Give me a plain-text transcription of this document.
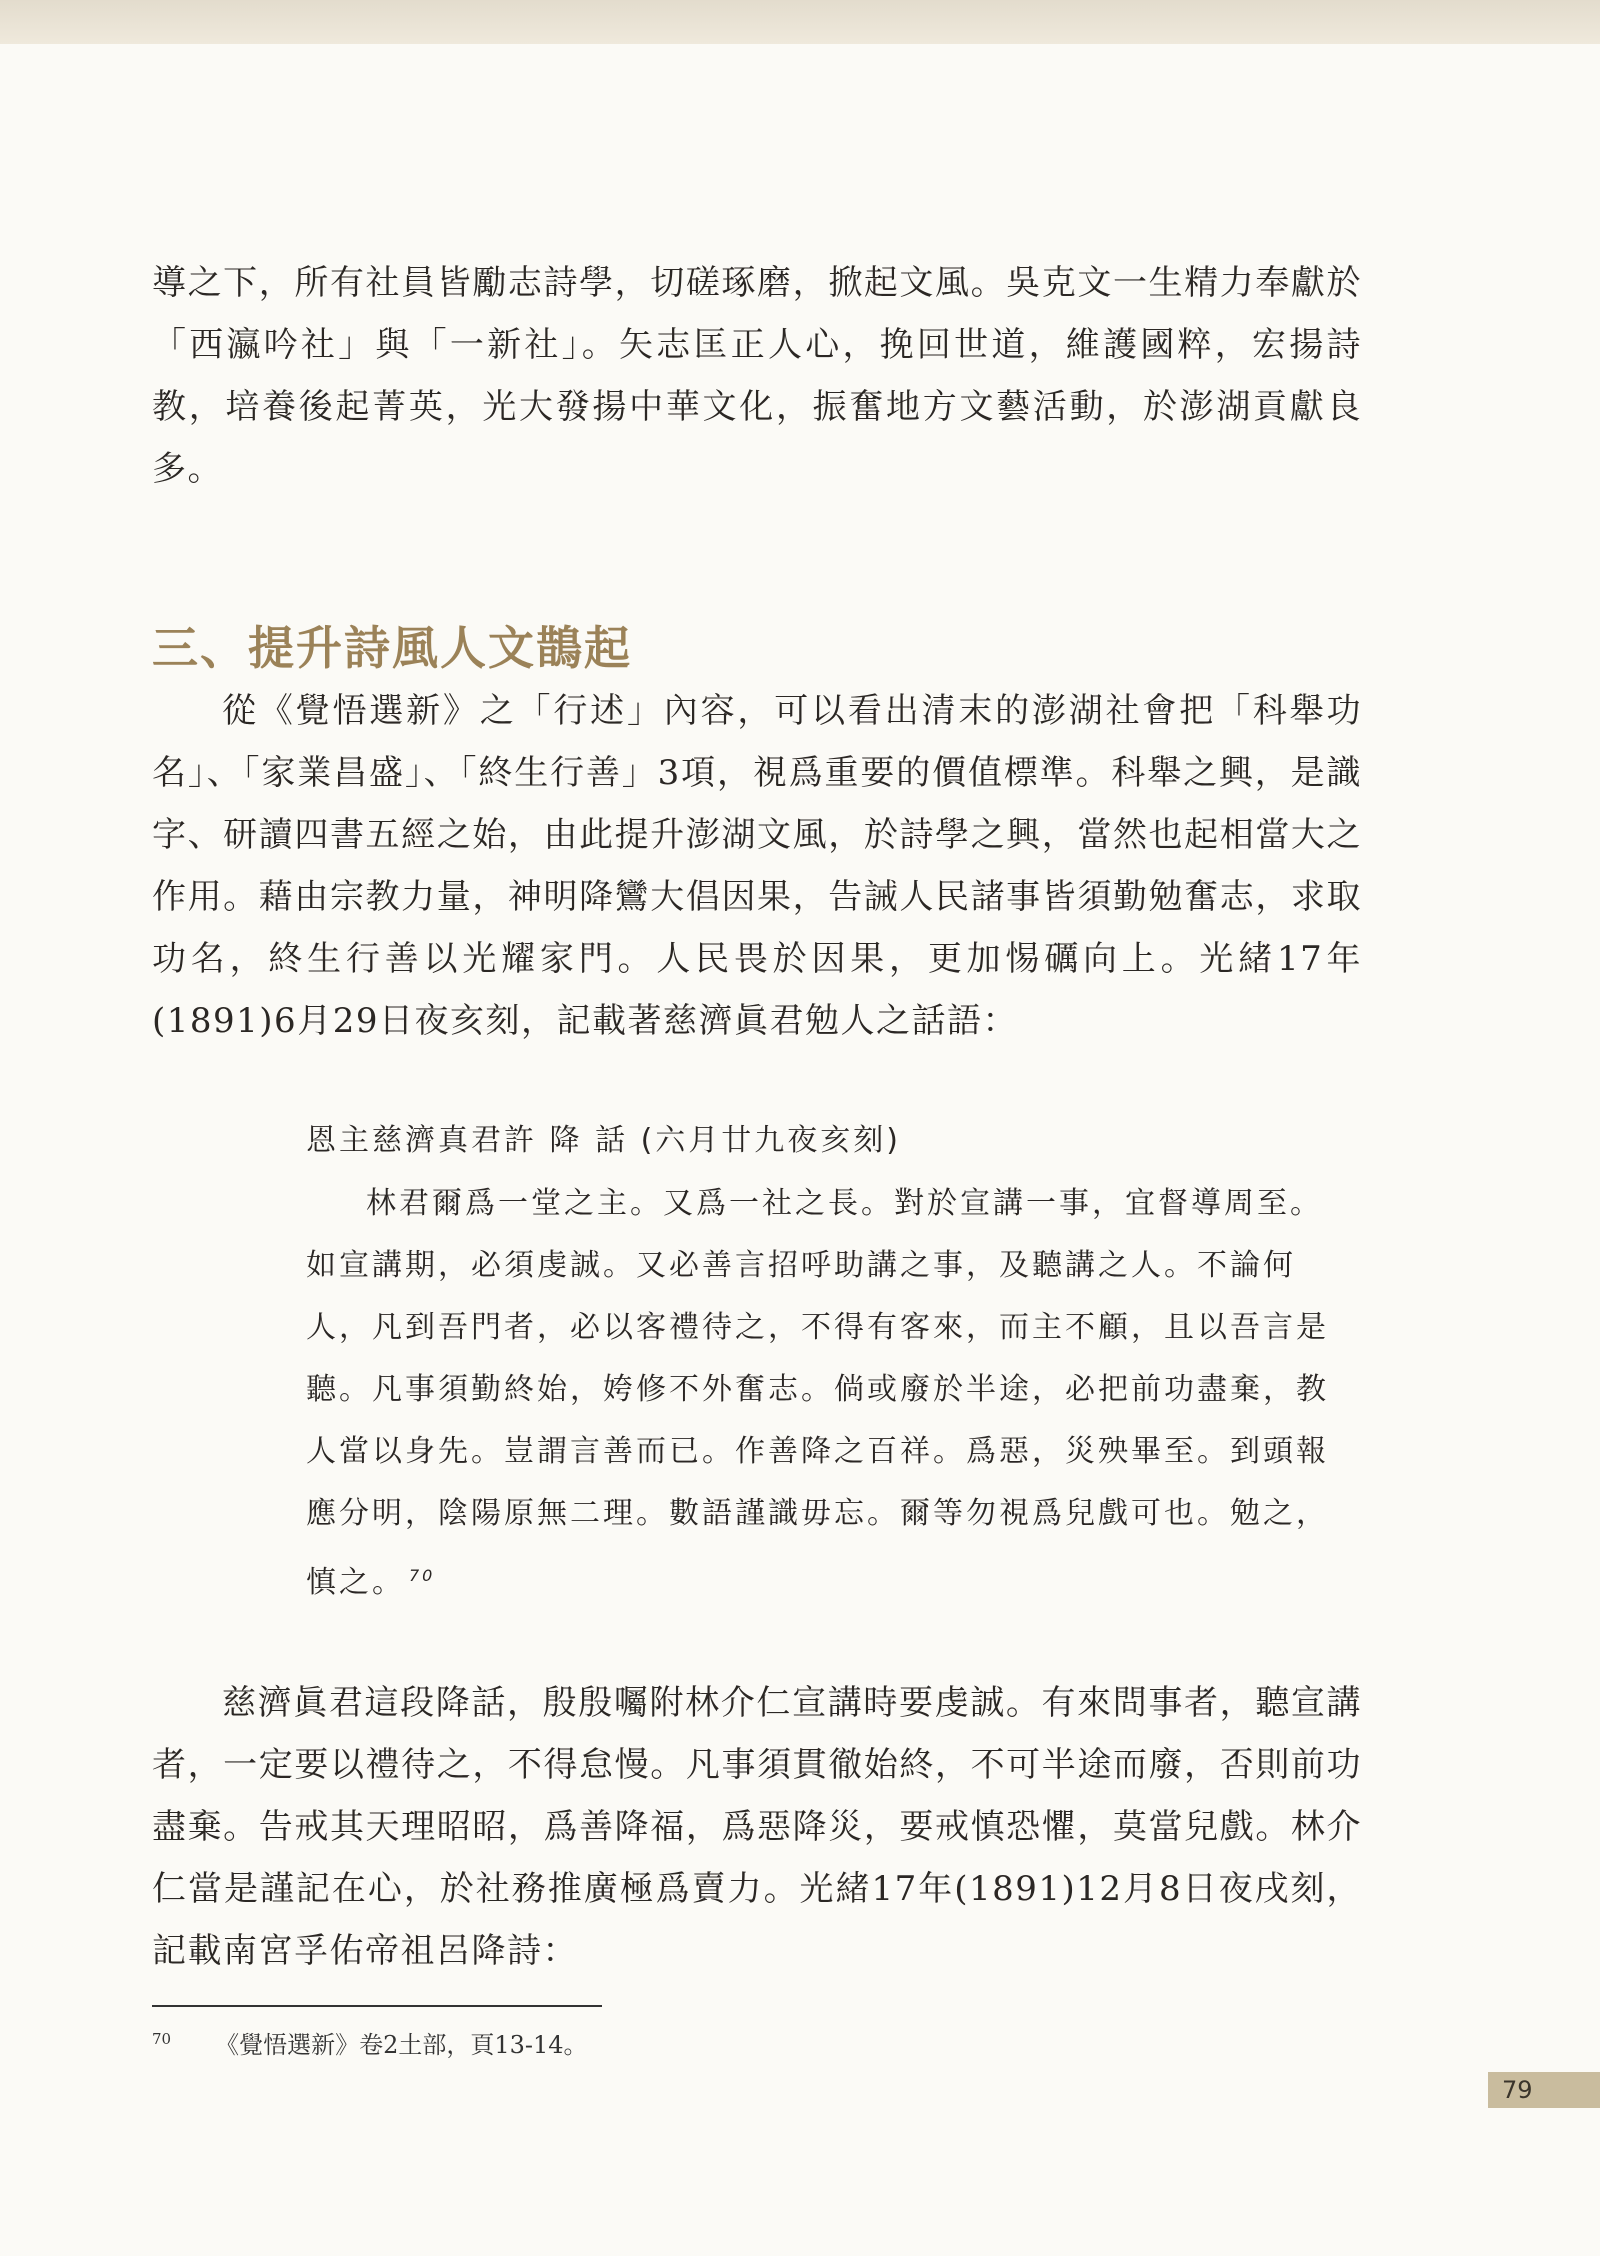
導之下，所有社員皆勵志詩學，切磋琢磨，掀起文風。吳克文一生精力奉獻於「西瀛吟社」與「一新社」。矢志匡正人心，挽回世道，維護國粹，宏揚詩教，培養後起菁英，光大發揚中華文化，振奮地方文藝活動，於澎湖貢獻良多。

三、提升詩風人文鵲起

從《覺悟選新》之「行述」內容，可以看出清末的澎湖社會把「科舉功名」、「家業昌盛」、「終生行善」3項，視爲重要的價值標準。科舉之興，是識字、研讀四書五經之始，由此提升澎湖文風，於詩學之興，當然也起相當大之作用。藉由宗教力量，神明降鸞大倡因果，告誡人民諸事皆須勤勉奮志，求取功名，終生行善以光耀家門。人民畏於因果，更加惕礪向上。光緒17年(1891)6月29日夜亥刻，記載著慈濟眞君勉人之話語：

恩主慈濟真君許 降 話 (六月廿九夜亥刻)

林君爾爲一堂之主。又爲一社之長。對於宣講一事，宜督導周至。如宣講期，必須虔誠。又必善言招呼助講之事，及聽講之人。不論何人，凡到吾門者，必以客禮待之，不得有客來，而主不顧，且以吾言是聽。凡事須勤終始，姱修不外奮志。倘或廢於半途，必把前功盡棄，教人當以身先。豈謂言善而已。作善降之百祥。爲惡，災殃畢至。到頭報應分明，陰陽原無二理。數語謹識毋忘。爾等勿視爲兒戲可也。勉之，慎之。 $^{70}$

慈濟眞君這段降話，殷殷囑附林介仁宣講時要虔誠。有來問事者，聽宣講者，一定要以禮待之，不得怠慢。凡事須貫徹始終，不可半途而廢，否則前功盡棄。告戒其天理昭昭，爲善降福，爲惡降災，要戒慎恐懼，莫當兒戲。林介仁當是謹記在心，於社務推廣極爲賣力。光緒17年(1891)12月8日夜戌刻，記載南宮孚佑帝祖呂降詩：

$^{70}$ 《覺悟選新》卷2土部，頁13-14。

79
